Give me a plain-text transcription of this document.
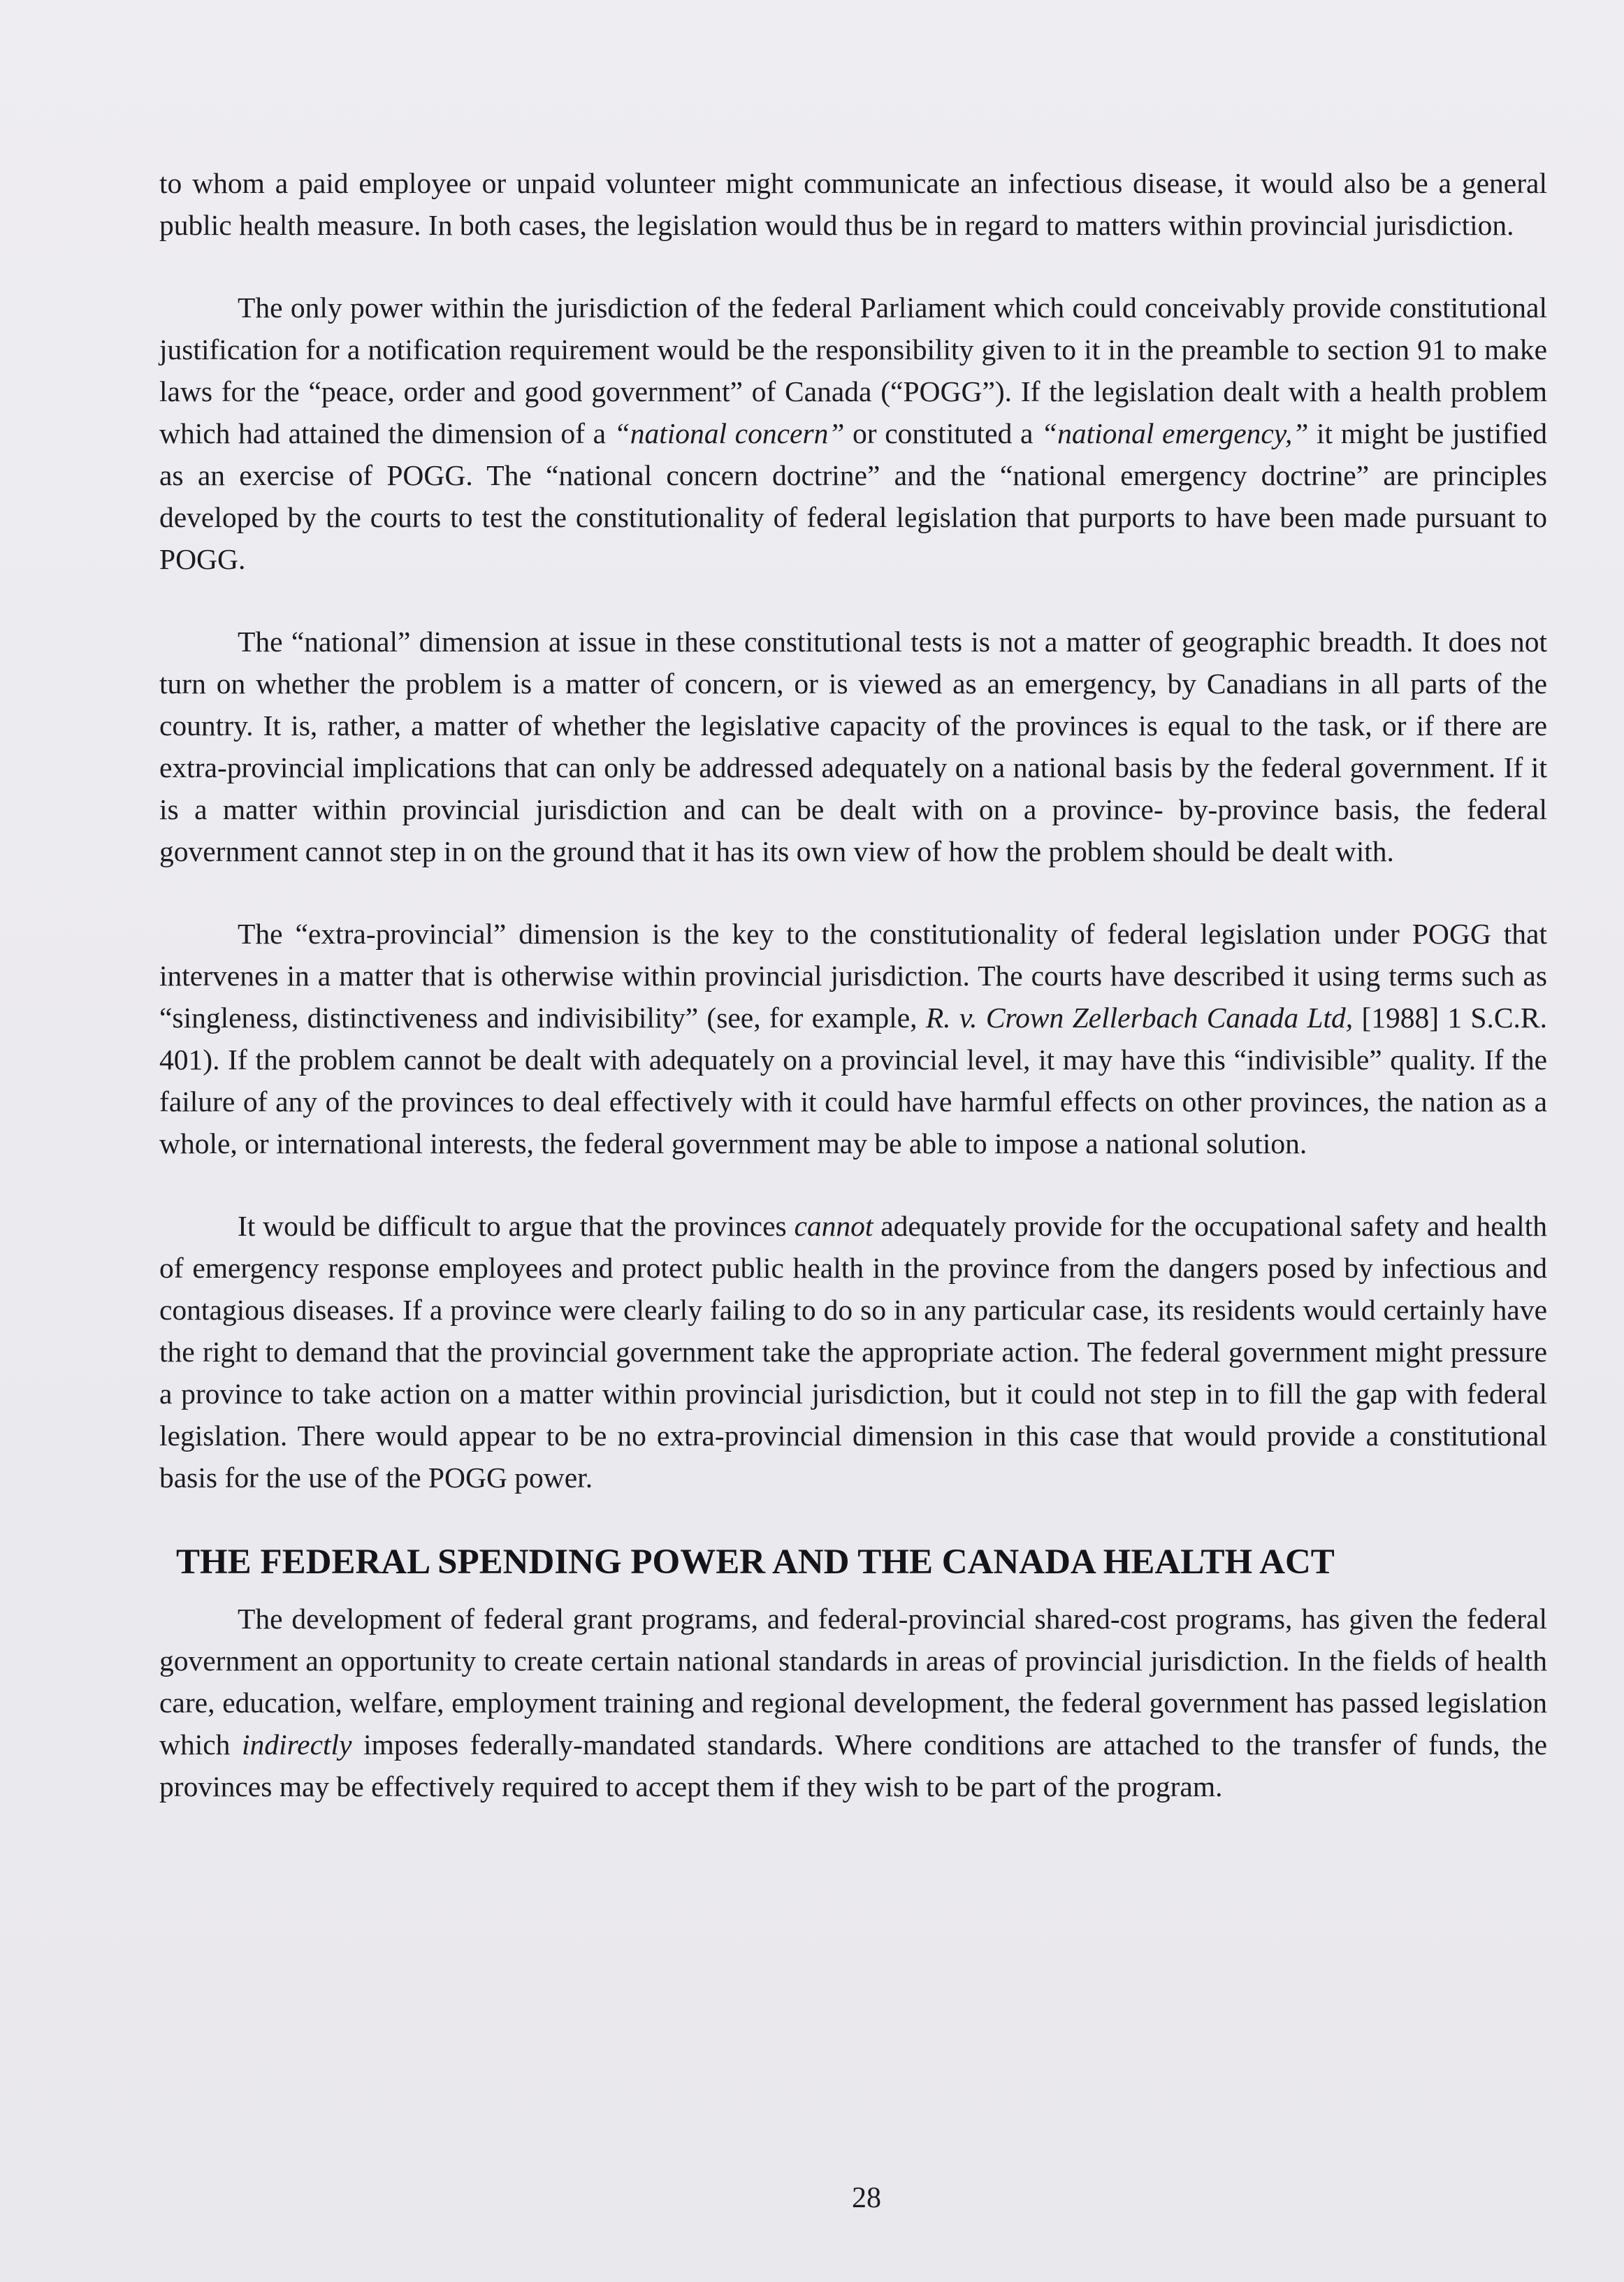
to whom a paid employee or unpaid volunteer might communicate an infectious disease, it would also be a general public health measure. In both cases, the legislation would thus be in regard to matters within provincial jurisdiction.

The only power within the jurisdiction of the federal Parliament which could conceivably provide constitutional justification for a notification requirement would be the responsibility given to it in the preamble to section 91 to make laws for the “peace, order and good government” of Canada (“POGG”). If the legislation dealt with a health problem which had attained the dimension of a “national concern” or constituted a “national emergency,” it might be justified as an exercise of POGG. The “national concern doctrine” and the “national emergency doctrine” are principles developed by the courts to test the constitutionality of federal legislation that purports to have been made pursuant to POGG.

The “national” dimension at issue in these constitutional tests is not a matter of geographic breadth. It does not turn on whether the problem is a matter of concern, or is viewed as an emergency, by Canadians in all parts of the country. It is, rather, a matter of whether the legislative capacity of the provinces is equal to the task, or if there are extra-provincial implications that can only be addressed adequately on a national basis by the federal government. If it is a matter within provincial jurisdiction and can be dealt with on a province- by-province basis, the federal government cannot step in on the ground that it has its own view of how the problem should be dealt with.

The “extra-provincial” dimension is the key to the constitutionality of federal legislation under POGG that intervenes in a matter that is otherwise within provincial jurisdiction. The courts have described it using terms such as “singleness, distinctiveness and indivisibility” (see, for example, R. v. Crown Zellerbach Canada Ltd, [1988] 1 S.C.R. 401). If the problem cannot be dealt with adequately on a provincial level, it may have this “indivisible” quality. If the failure of any of the provinces to deal effectively with it could have harmful effects on other provinces, the nation as a whole, or international interests, the federal government may be able to impose a national solution.

It would be difficult to argue that the provinces cannot adequately provide for the occupational safety and health of emergency response employees and protect public health in the province from the dangers posed by infectious and contagious diseases. If a province were clearly failing to do so in any particular case, its residents would certainly have the right to demand that the provincial government take the appropriate action. The federal government might pressure a province to take action on a matter within provincial jurisdiction, but it could not step in to fill the gap with federal legislation. There would appear to be no extra-provincial dimension in this case that would provide a constitutional basis for the use of the POGG power.

THE FEDERAL SPENDING POWER AND THE CANADA HEALTH ACT

The development of federal grant programs, and federal-provincial shared-cost programs, has given the federal government an opportunity to create certain national standards in areas of provincial jurisdiction. In the fields of health care, education, welfare, employment training and regional development, the federal government has passed legislation which indirectly imposes federally-mandated standards. Where conditions are attached to the transfer of funds, the provinces may be effectively required to accept them if they wish to be part of the program.

28
